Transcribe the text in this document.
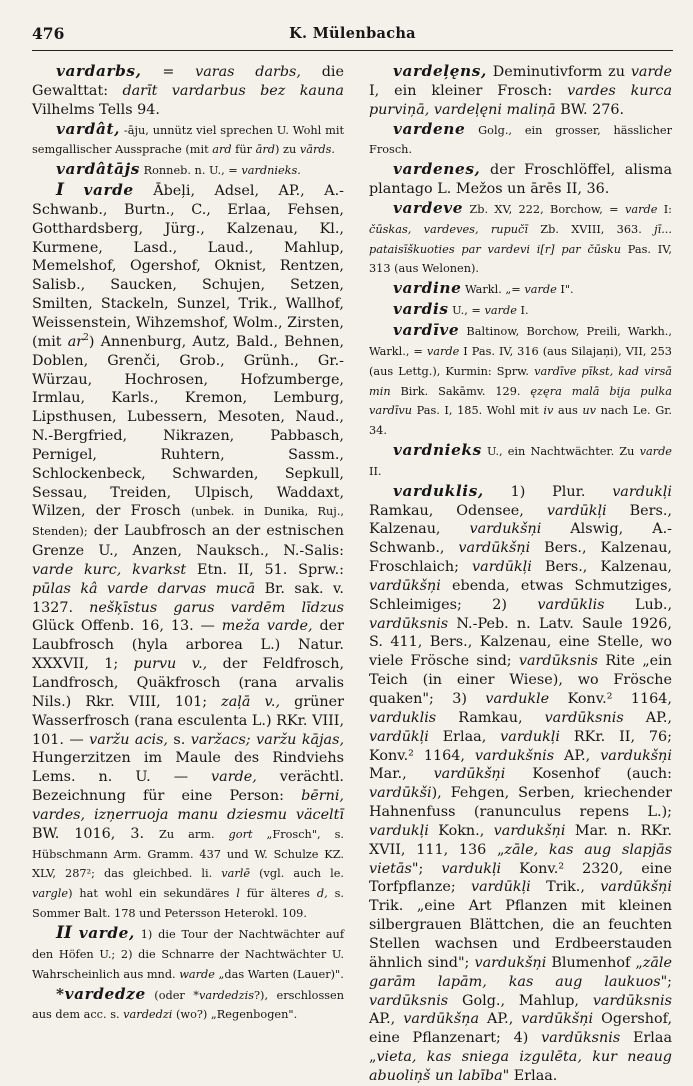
476	K. Mülenbacha

vardarbs, = varas darbs, die Gewalttat: darīt vardarbus bez kauna Vilhelms Tells 94.

vardât, -āju, unnütz viel sprechen U. Wohl mit semgallischer Aussprache (mit ard für ārd) zu vārds.

vardâtājs Ronneb. n. U., = vardnieks.

I varde Ābeļi, Adsel, AP., A.-Schwanb., Burtn., C., Erlaa, Fehsen, Gotthardsberg, Jürg., Kalzenau, Kl., Kurmene, Lasd., Laud., Mahlup, Memelshof, Ogershof, Oknist, Rentzen, Salisb., Saucken, Schujen, Setzen, Smilten, Stackeln, Sunzel, Trik., Wallhof, Weissenstein, Wihzemshof, Wolm., Zirsten, (mit $ar^2$) Annenburg, Autz, Bald., Behnen, Doblen, Grenči, Grob., Grünh., Gr.-Würzau, Hochrosen, Hofzumberge, Irmlau, Karls., Kremon, Lemburg, Lipsthusen, Lubessern, Mesoten, Naud., N.-Bergfried, Nikrazen, Pabbasch, Pernigel, Ruhtern, Sassm., Schlockenbeck, Schwarden, Sepkull, Sessau, Treiden, Ulpisch, Waddaxt, Wilzen, der Frosch (unbek. in Dunika, Ruj., Stenden); der Laubfrosch an der estnischen Grenze U., Anzen, Nauksch., N.-Salis: varde kurc, kvarkst Etn. II, 51. Sprw.: pūlas kâ varde darvas mucā Br. sak. v. 1327. nešķīstus garus vardēm līdzus Glück Offenb. 16, 13. — meža varde, der Laubfrosch (hyla arborea L.) Natur. XXXVII, 1; purvu v., der Feldfrosch, Landfrosch, Quäkfrosch (rana arvalis Nils.) Rkr. VIII, 101; zaļā v., grüner Wasserfrosch (rana esculenta L.) RKr. VIII, 101. — varžu acis, s. varžacs; varžu kājas, Hungerzitzen im Maule des Rindviehs Lems. n. U. — varde, verächtl. Bezeichnung für eine Person: bērni, vardes, izņerruoja manu dziesmu väceltī BW. 1016, 3. Zu arm. gort „Frosch", s. Hübschmann Arm. Gramm. 437 und W. Schulze KZ. XLV, 287²; das gleichbed. li. varlē (vgl. auch le. vargle) hat wohl ein sekundäres l für älteres d, s. Sommer Balt. 178 und Petersson Heterokl. 109.

II varde, 1) die Tour der Nachtwächter auf den Höfen U.; 2) die Schnarre der Nachtwächter U. Wahrscheinlich aus mnd. warde „das Warten (Lauer)".

*vardedze (oder *vardedzis?), erschlossen aus dem acc. s. vardedzi (wo?) „Regenbogen".

vardeļęns, Deminutivform zu varde I, ein kleiner Frosch: vardes kurca purviņā, vardeļęni maliņā BW. 276.

vardene Golg., ein grosser, hässlicher Frosch.

vardenes, der Froschlöffel, alisma plantago L. Mežos un ārēs II, 36.

vardeve Zb. XV, 222, Borchow, = varde I: čūskas, vardeves, rupučī Zb. XVIII, 363. jī... pataisīškuoties par vardevi i[r] par čūsku Pas. IV, 313 (aus Welonen).

vardine Warkl. „= varde I".

vardis U., = varde I.

vardīve Baltinow, Borchow, Preili, Warkh., Warkl., = varde I Pas. IV, 316 (aus Silajaņi), VII, 253 (aus Lettg.), Kurmin: Sprw. vardīve pīkst, kad virsā min Birk. Sakāmv. 129. ęzęra malā bija pulka vardīvu Pas. I, 185. Wohl mit iv aus uv nach Le. Gr. 34.

vardnieks U., ein Nachtwächter. Zu varde II.

varduklis, 1) Plur. vardukļi Ramkau, Odensee, vardūkļi Bers., Kalzenau, vardukšņi Alswig, A.-Schwanb., vardūkšņi Bers., Kalzenau, Froschlaich; vardūkļi Bers., Kalzenau, vardūkšņi ebenda, etwas Schmutziges, Schleimiges; 2) vardūklis Lub., vardūksnis N.-Peb. n. Latv. Saule 1926, S. 411, Bers., Kalzenau, eine Stelle, wo viele Frösche sind; vardūksnis Rite „ein Teich (in einer Wiese), wo Frösche quaken"; 3) vardukle Konv.² 1164, varduklis Ramkau, vardūksnis AP., vardūkļi Erlaa, vardukļi RKr. II, 76; Konv.² 1164, vardukšnis AP., vardukšņi Mar., vardūkšņi Kosenhof (auch: vardūkši), Fehgen, Serben, kriechender Hahnenfuss (ranunculus repens L.); vardukļi Kokn., vardukšņi Mar. n. RKr. XVII, 111, 136 „zāle, kas aug slapjās vietās"; vardukļi Konv.² 2320, eine Torfpflanze; vardūkļi Trik., vardūkšņi Trik. „eine Art Pflanzen mit kleinen silbergrauen Blättchen, die an feuchten Stellen wachsen und Erdbeerstauden ähnlich sind"; vardukšņi Blumenhof „zāle garām lapām, kas aug laukuos"; vardūksnis Golg., Mahlup, vardūksnis AP., vardūkšņa AP., vardūkšņi Ogershof, eine Pflanzenart; 4) vardūksnis Erlaa „vieta, kas sniega izgulēta, kur neaug abuoliņš un labība" Erlaa.
